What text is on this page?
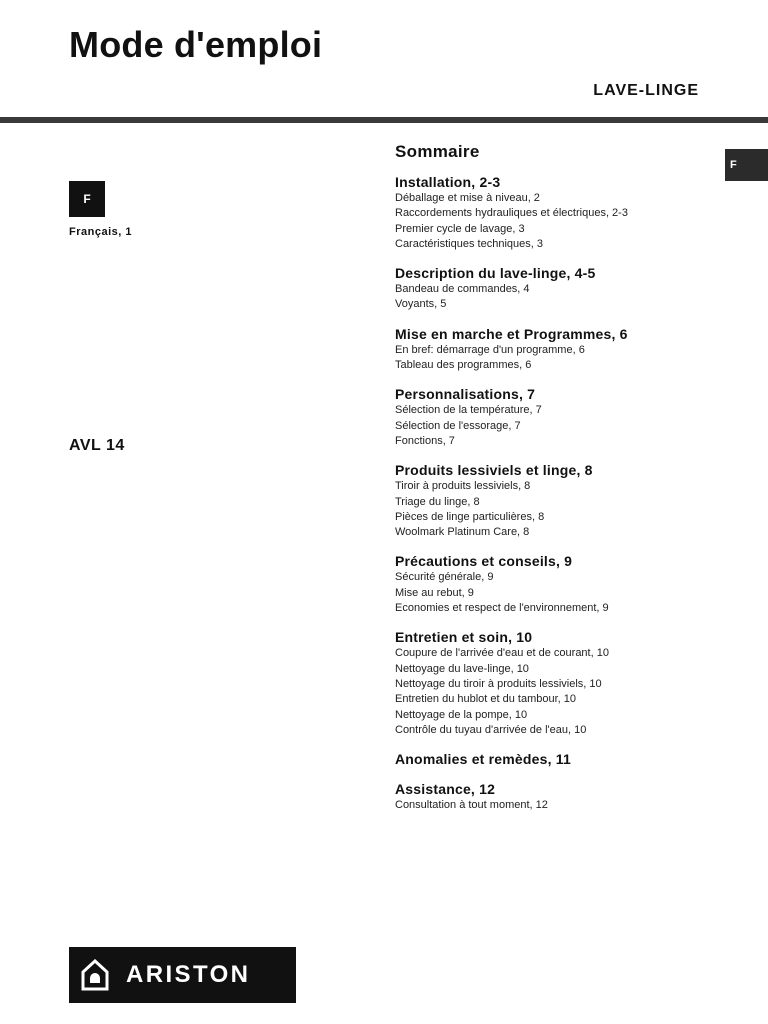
Mode d'emploi
LAVE-LINGE
F
Français, 1
AVL 14
F
Sommaire
Installation, 2-3
Déballage et mise à niveau, 2
Raccordements hydrauliques et électriques, 2-3
Premier cycle de lavage, 3
Caractéristiques techniques, 3
Description du lave-linge, 4-5
Bandeau de commandes, 4
Voyants, 5
Mise en marche et Programmes, 6
En bref: démarrage d'un programme, 6
Tableau des programmes, 6
Personnalisations, 7
Sélection de la température, 7
Sélection de l'essorage, 7
Fonctions, 7
Produits lessiviels et linge, 8
Tiroir à produits lessiviels, 8
Triage du linge, 8
Pièces de linge particulières, 8
Woolmark Platinum Care, 8
Précautions et conseils, 9
Sécurité générale, 9
Mise au rebut, 9
Economies et respect de l'environnement, 9
Entretien et soin, 10
Coupure de l'arrivée d'eau et de courant, 10
Nettoyage du lave-linge, 10
Nettoyage du tiroir à produits lessiviels, 10
Entretien du hublot et du tambour, 10
Nettoyage de la pompe, 10
Contrôle du tuyau d'arrivée de l'eau, 10
Anomalies et remèdes, 11
Assistance, 12
Consultation à tout moment, 12
ARISTON
